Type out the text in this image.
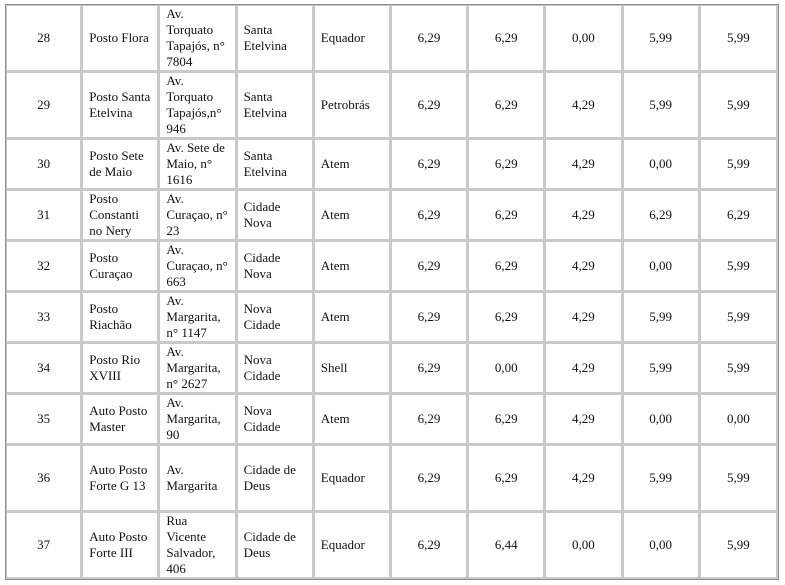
28	Posto Flora	Av. Torquato Tapajós, n° 7804	Santa Etelvina	Equador	6,29	6,29	0,00	5,99	5,99
29	Posto Santa Etelvina	Av. Torquato Tapajós,n° 946	Santa Etelvina	Petrobrás	6,29	6,29	4,29	5,99	5,99
30	Posto Sete de Maio	Av. Sete de Maio, n° 1616	Santa Etelvina	Atem	6,29	6,29	4,29	0,00	5,99
31	Posto Constanti no Nery	Av. Curaçao, n° 23	Cidade Nova	Atem	6,29	6,29	4,29	6,29	6,29
32	Posto Curaçao	Av. Curaçao, n° 663	Cidade Nova	Atem	6,29	6,29	4,29	0,00	5,99
33	Posto Riachão	Av. Margarita, n° 1147	Nova Cidade	Atem	6,29	6,29	4,29	5,99	5,99
34	Posto Rio XVIII	Av. Margarita, n° 2627	Nova Cidade	Shell	6,29	0,00	4,29	5,99	5,99
35	Auto Posto Master	Av. Margarita, 90	Nova Cidade	Atem	6,29	6,29	4,29	0,00	0,00
36	Auto Posto Forte G 13	Av. Margarita	Cidade de Deus	Equador	6,29	6,29	4,29	5,99	5,99
37	Auto Posto Forte III	Rua Vicente Salvador, 406	Cidade de Deus	Equador	6,29	6,44	0,00	0,00	5,99
